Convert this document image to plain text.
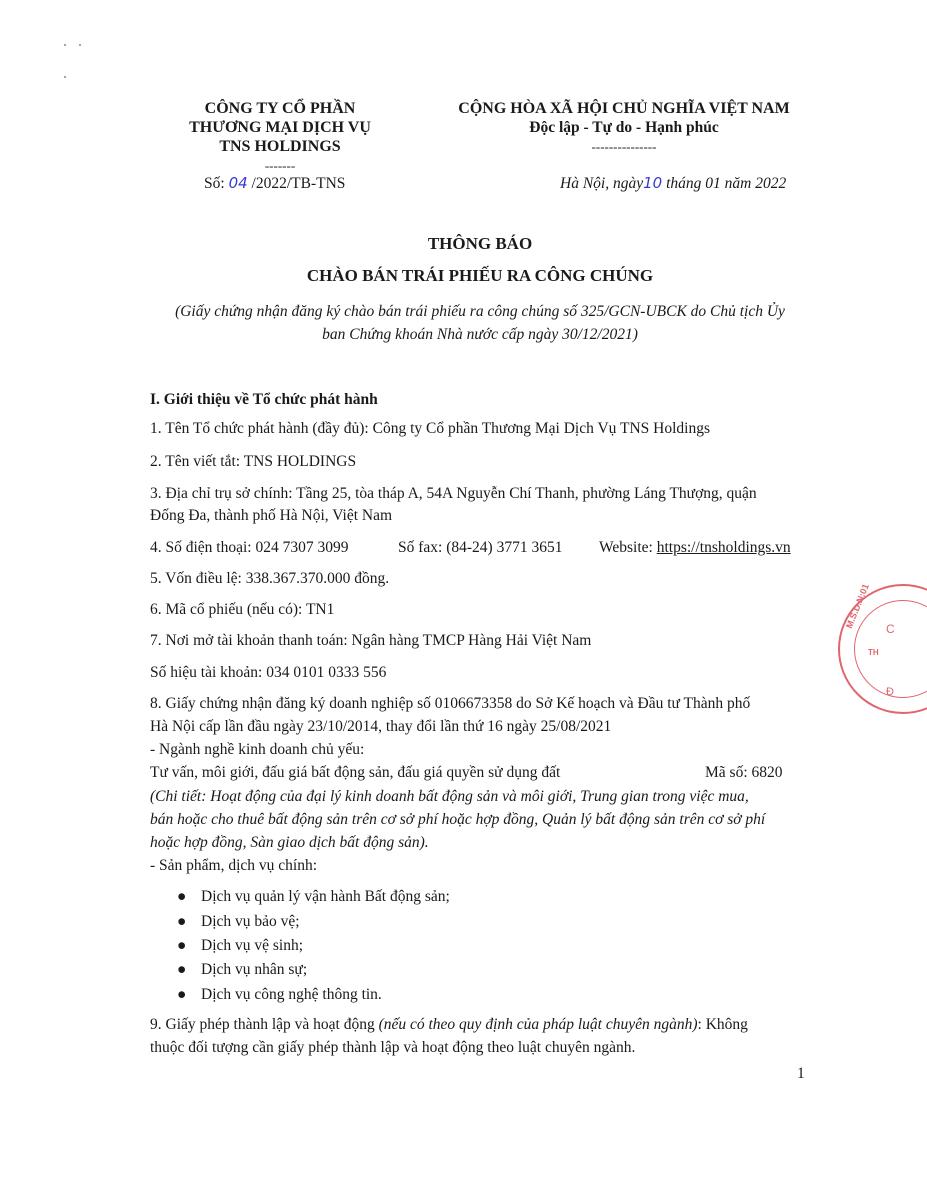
CÔNG TY CỔ PHẦN
THƯƠNG MẠI DỊCH VỤ
TNS HOLDINGS
-------
Số: 04 /2022/TB-TNS
CỘNG HÒA XÃ HỘI CHỦ NGHĨA VIỆT NAM
Độc lập - Tự do - Hạnh phúc
---------------
Hà Nội, ngày10 tháng 01 năm 2022
THÔNG BÁO
CHÀO BÁN TRÁI PHIẾU RA CÔNG CHÚNG
(Giấy chứng nhận đăng ký chào bán trái phiếu ra công chúng số 325/GCN-UBCK do Chủ tịch Ủy
ban Chứng khoán Nhà nước cấp ngày 30/12/2021)
I. Giới thiệu về Tổ chức phát hành
1. Tên Tổ chức phát hành (đầy đủ): Công ty Cổ phần Thương Mại Dịch Vụ TNS Holdings
2. Tên viết tắt: TNS HOLDINGS
3. Địa chỉ trụ sở chính: Tầng 25, tòa tháp A, 54A Nguyễn Chí Thanh, phường Láng Thượng, quận
Đống Đa, thành phố Hà Nội, Việt Nam
4. Số điện thoại: 024 7307 3099	Số fax: (84-24) 3771 3651 Website: https://tnsholdings.vn
5. Vốn điều lệ: 338.367.370.000 đồng.
6. Mã cổ phiếu (nếu có): TN1
7. Nơi mở tài khoản thanh toán: Ngân hàng TMCP Hàng Hải Việt Nam
Số hiệu tài khoản: 034 0101 0333 556
8. Giấy chứng nhận đăng ký doanh nghiệp số 0106673358 do Sở Kế hoạch và Đầu tư Thành phố
Hà Nội cấp lần đầu ngày 23/10/2014, thay đổi lần thứ 16 ngày 25/08/2021
- Ngành nghề kinh doanh chủ yếu:
Tư vấn, môi giới, đấu giá bất động sản, đấu giá quyền sử dụng đất	Mã số: 6820
(Chi tiết: Hoạt động của đại lý kinh doanh bất động sản và môi giới, Trung gian trong việc mua,
bán hoặc cho thuê bất động sản trên cơ sở phí hoặc hợp đồng, Quản lý bất động sản trên cơ sở phí
hoặc hợp đồng, Sàn giao dịch bất động sản).
- Sản phẩm, dịch vụ chính:
● Dịch vụ quản lý vận hành Bất động sản;
● Dịch vụ bảo vệ;
● Dịch vụ vệ sinh;
● Dịch vụ nhân sự;
● Dịch vụ công nghệ thông tin.
9. Giấy phép thành lập và hoạt động (nếu có theo quy định của pháp luật chuyên ngành): Không
thuộc đối tượng cần giấy phép thành lập và hoạt động theo luật chuyên ngành.
1
M.S.D.N:01 C
TH
Đ
